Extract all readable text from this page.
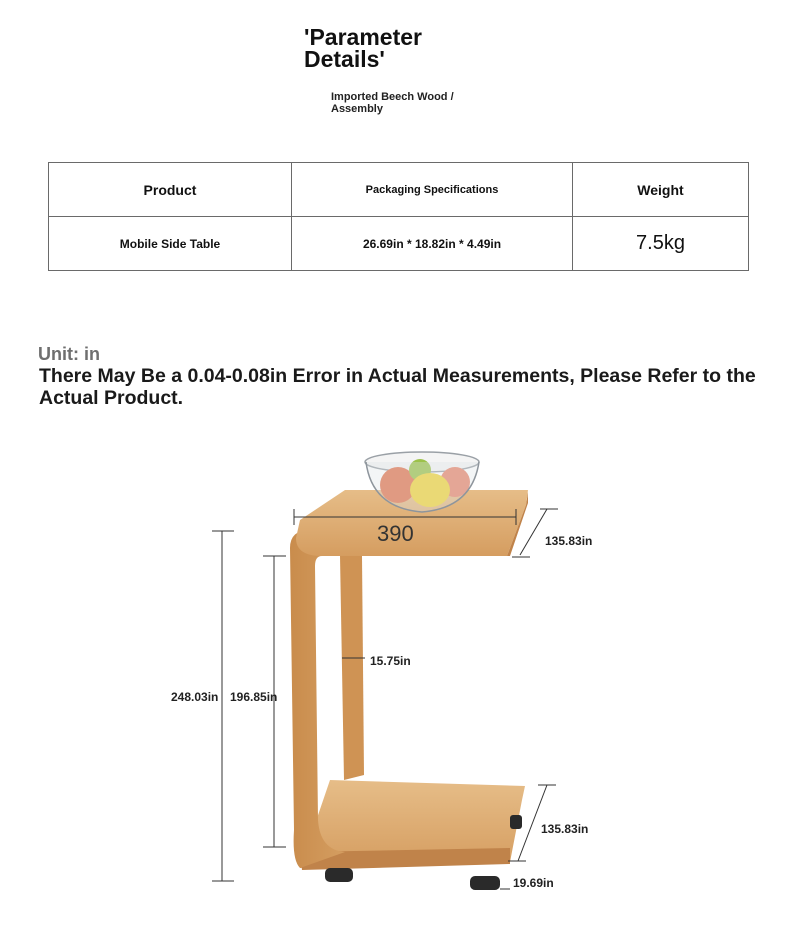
'Parameter Details'
Imported Beech Wood / Assembly
Product	Packaging Specifications	Weight
Mobile Side Table	26.69in * 18.82in * 4.49in	7.5kg
Unit: in
There May Be a 0.04-0.08in Error in Actual Measurements, Please Refer to the Actual Product.
390	135.83in
15.75in
248.03in 196.85in
135.83in
19.69in
